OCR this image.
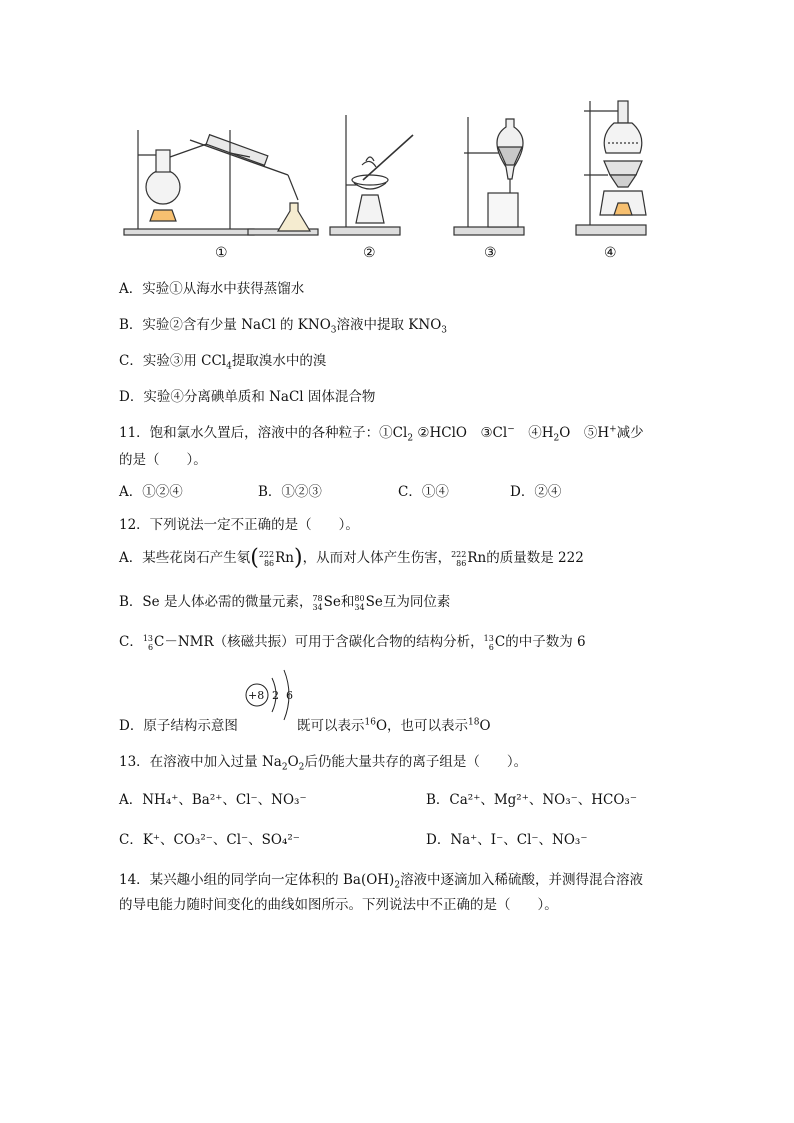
①	②	③	④
A．实验①从海水中获得蒸馏水
B．实验②含有少量 NaCl 的 $KNO_3$溶液中提取 $KNO_3$
C．实验③用 CCl$_4$提取溴水中的溴
D．实验④分离碘单质和 NaCl 固体混合物
11．饱和氯水久置后，溶液中的各种粒子：$①Cl_2$ ②HClO　③Cl−　$④H_2O$　⑤H+减少
的是（　　）。
A．①②④	B．①②③	C．①④	D．②④
12．下列说法一定不正确的是（　　）。
A．某些花岗石产生氡( 222
86 Rn)，从而对人体产生伤害， 222
86 Rn的质量数是 222
B．Se 是人体必需的微量元素， 78
34 Se和 80
34 Se互为同位素
C． 13
6 C－NMR（核磁共振）可用于含碳化合物的结构分析， 13
6 C的中子数为 6
+8 2 6
D．原子结构示意图	既可以表示$^{16}$O，也可以表示$^{18}$O
13．在溶液中加入过量 $Na_2O_2$后仍能大量共存的离子组是（　　）。
A．NH₄⁺、Ba²⁺、Cl⁻、NO₃⁻	B．Ca²⁺、Mg²⁺、NO₃⁻、HCO₃⁻
C．K⁺、CO₃²⁻、Cl⁻、SO₄²⁻	D．Na⁺、I⁻、Cl⁻、NO₃⁻
14．某兴趣小组的同学向一定体积的 $Ba(OH)_2$溶液中逐滴加入稀硫酸，并测得混合溶液
的导电能力随时间变化的曲线如图所示。下列说法中不正确的是（　　）。
